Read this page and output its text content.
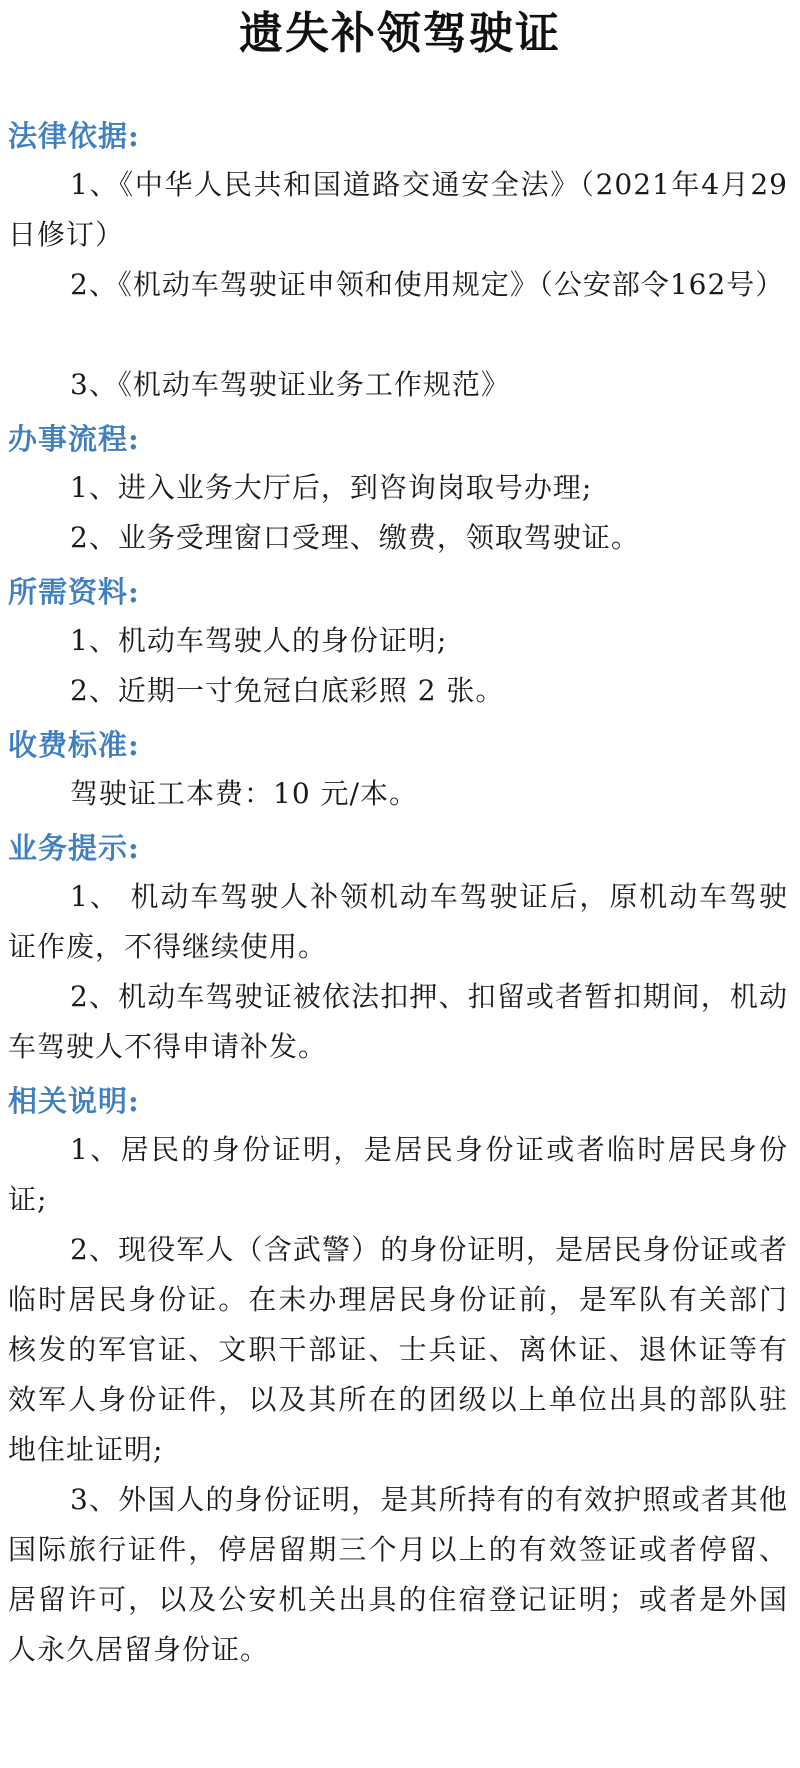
遗失补领驾驶证
法律依据:

1、《中华人民共和国道路交通安全法》（2021年4月29日修订）

2、《机动车驾驶证申领和使用规定》（公安部令162号）

3、《机动车驾驶证业务工作规范》

办事流程:

1、进入业务大厅后，到咨询岗取号办理;

2、业务受理窗口受理、缴费，领取驾驶证。

所需资料:

1、机动车驾驶人的身份证明;

2、近期一寸免冠白底彩照 2 张。

收费标准:

驾驶证工本费：10 元/本。

业务提示:

1、 机动车驾驶人补领机动车驾驶证后，原机动车驾驶证作废，不得继续使用。

2、机动车驾驶证被依法扣押、扣留或者暂扣期间，机动车驾驶人不得申请补发。

相关说明:

1、居民的身份证明，是居民身份证或者临时居民身份证;

2、现役军人（含武警）的身份证明，是居民身份证或者临时居民身份证。在未办理居民身份证前，是军队有关部门核发的军官证、文职干部证、士兵证、离休证、退休证等有效军人身份证件，以及其所在的团级以上单位出具的部队驻地住址证明;

3、外国人的身份证明，是其所持有的有效护照或者其他国际旅行证件，停居留期三个月以上的有效签证或者停留、居留许可，以及公安机关出具的住宿登记证明；或者是外国人永久居留身份证。
